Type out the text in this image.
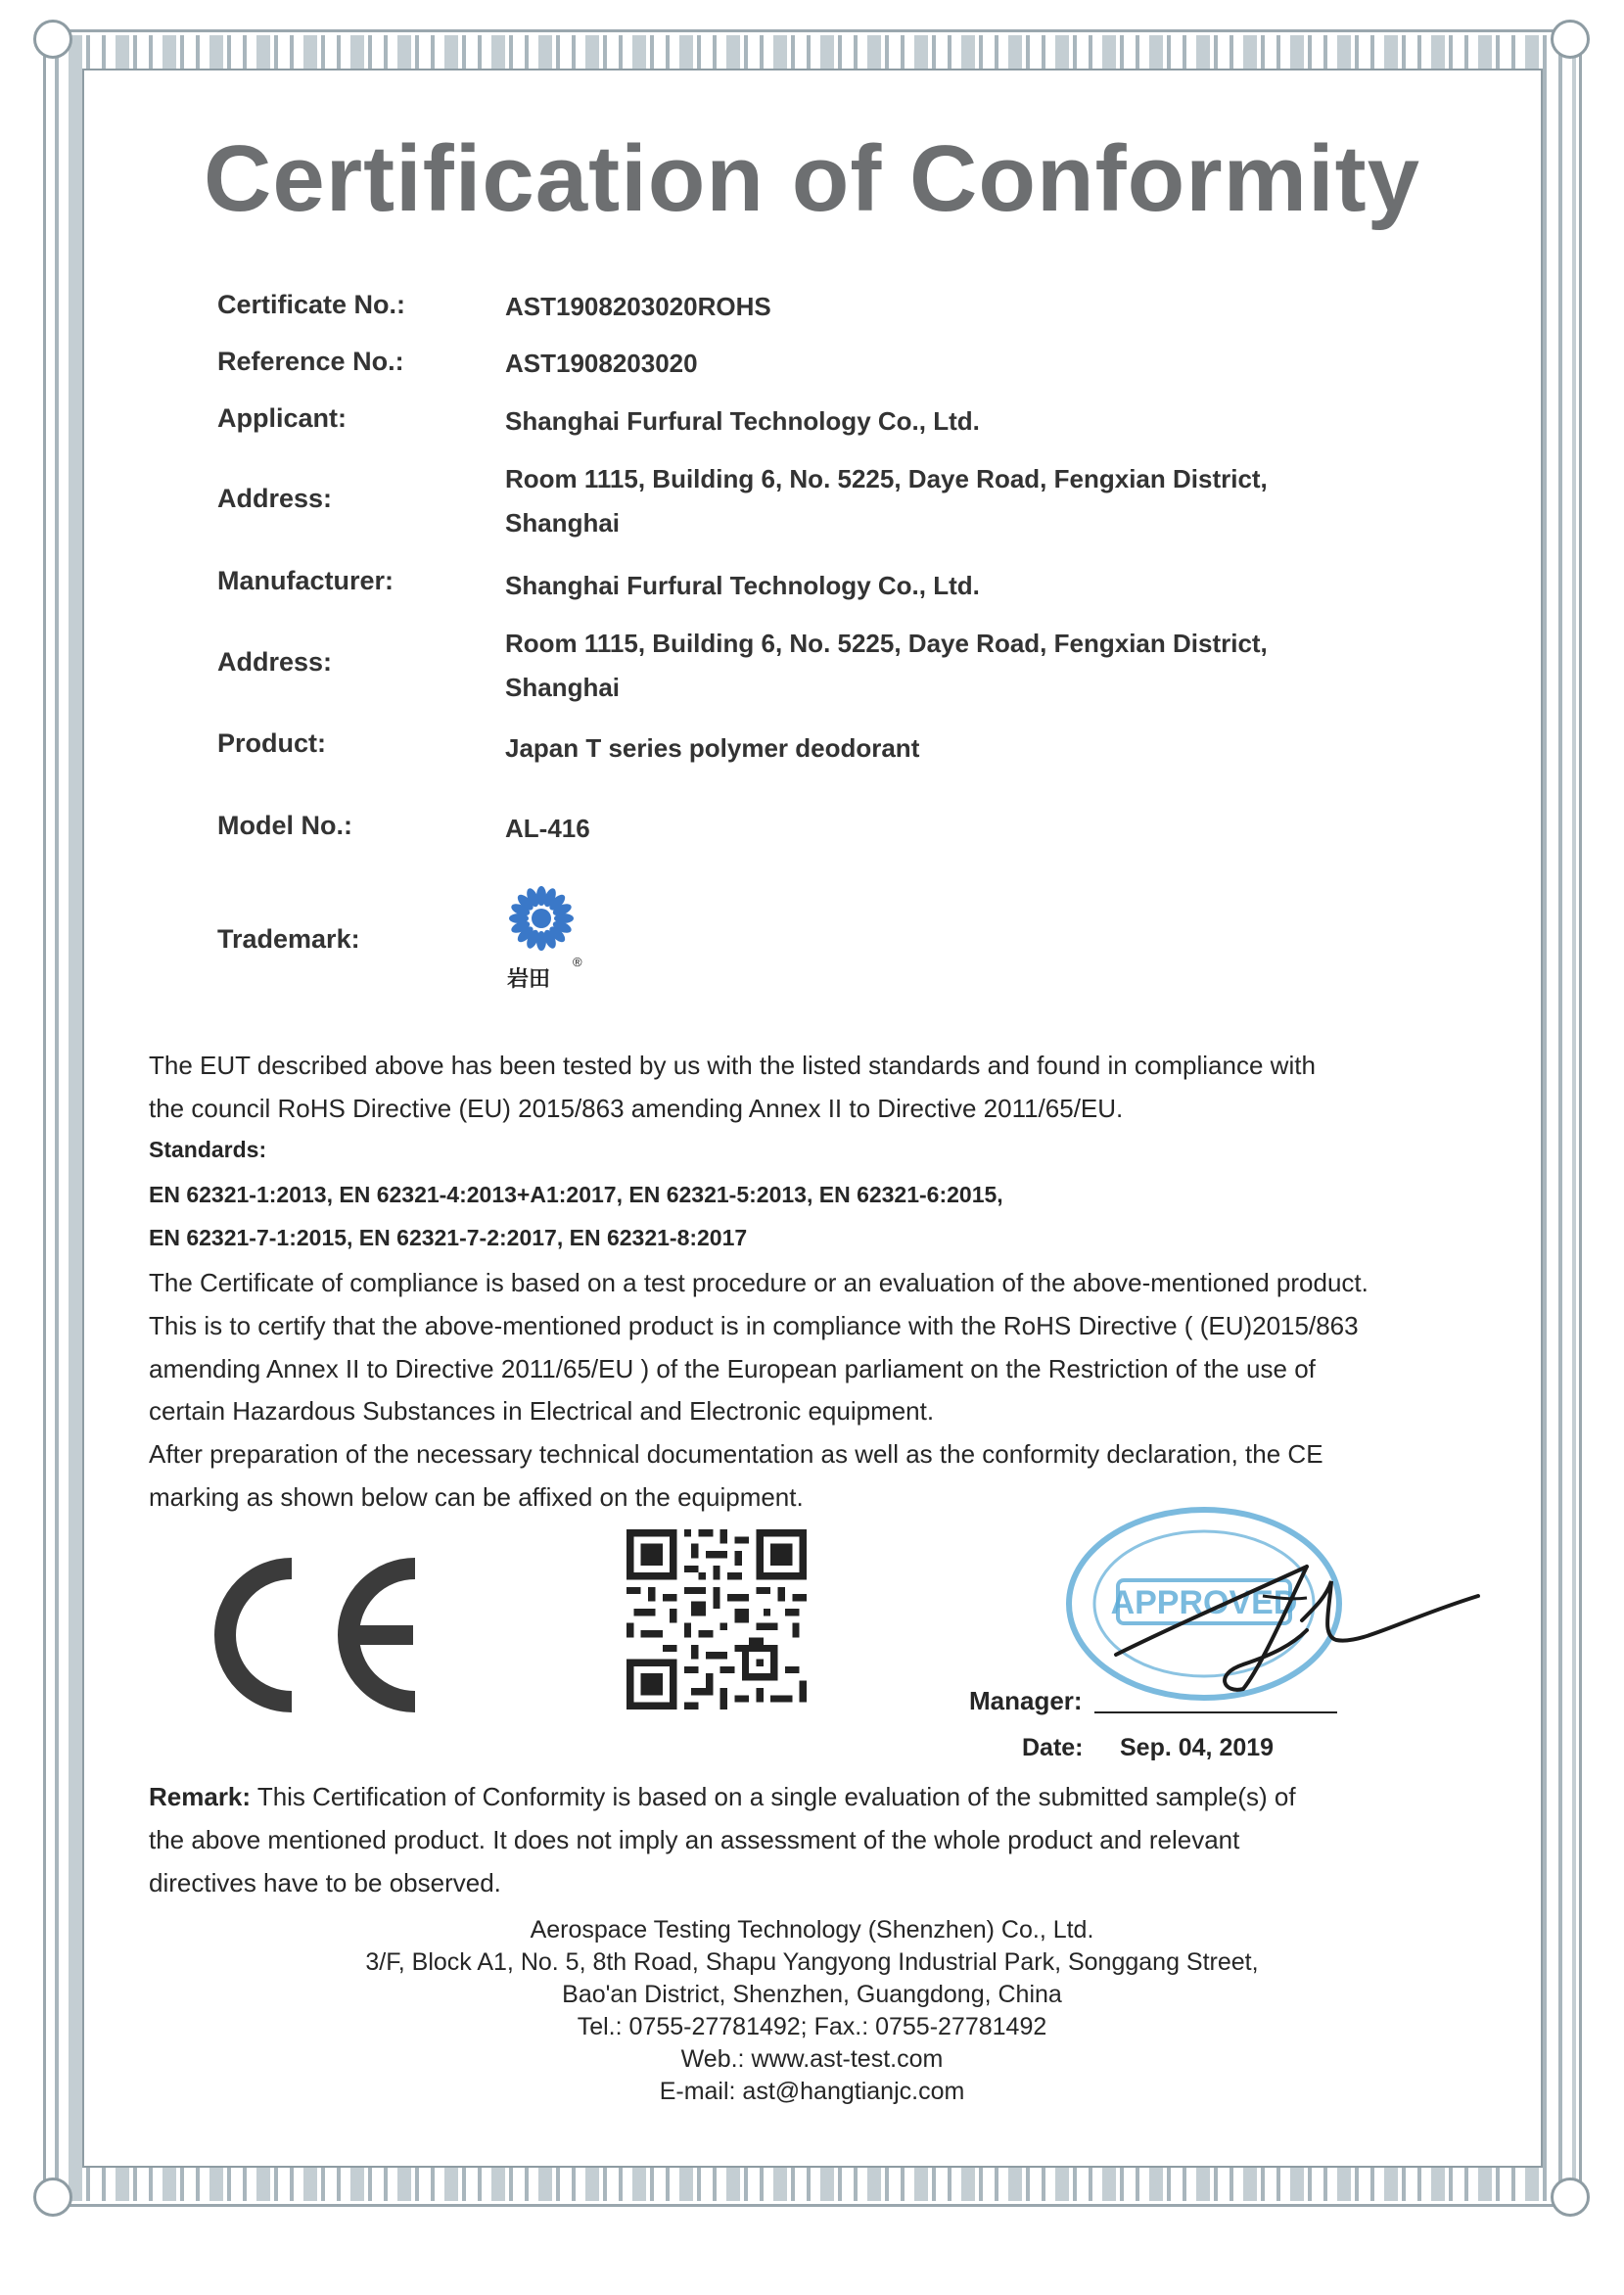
Certification of Conformity
Certificate No.:	AST1908203020ROHS
Reference No.:	AST1908203020
Applicant:	Shanghai Furfural Technology Co., Ltd.
Address:
Room 1115, Building 6, No. 5225, Daye Road, Fengxian District,
Shanghai
Manufacturer:	Shanghai Furfural Technology Co., Ltd.
Address:
Room 1115, Building 6, No. 5225, Daye Road, Fengxian District,
Shanghai
Product:	Japan T series polymer deodorant
Model No.:	AL-416
Trademark:
岩田
®
The EUT described above has been tested by us with the listed standards and found in compliance with
the council RoHS Directive (EU) 2015/863 amending Annex II to Directive 2011/65/EU.
Standards:
EN 62321-1:2013, EN 62321-4:2013+A1:2017, EN 62321-5:2013, EN 62321-6:2015,
EN 62321-7-1:2015, EN 62321-7-2:2017, EN 62321-8:2017
The Certificate of compliance is based on a test procedure or an evaluation of the above-mentioned product.
This is to certify that the above-mentioned product is in compliance with the RoHS Directive ( (EU)2015/863
amending Annex II to Directive 2011/65/EU ) of the European parliament on the Restriction of the use of
certain Hazardous Substances in Electrical and Electronic equipment.
After preparation of the necessary technical documentation as well as the conformity declaration, the CE
marking as shown below can be affixed on the equipment.
APPROVED
Manager:
Date: Sep. 04, 2019
Remark: This Certification of Conformity is based on a single evaluation of the submitted sample(s) of
the above mentioned product. It does not imply an assessment of the whole product and relevant
directives have to be observed.
Aerospace Testing Technology (Shenzhen) Co., Ltd.
3/F, Block A1, No. 5, 8th Road, Shapu Yangyong Industrial Park, Songgang Street,
Bao'an District, Shenzhen, Guangdong, China
Tel.: 0755-27781492; Fax.: 0755-27781492
Web.: www.ast-test.com
E-mail: ast@hangtianjc.com
